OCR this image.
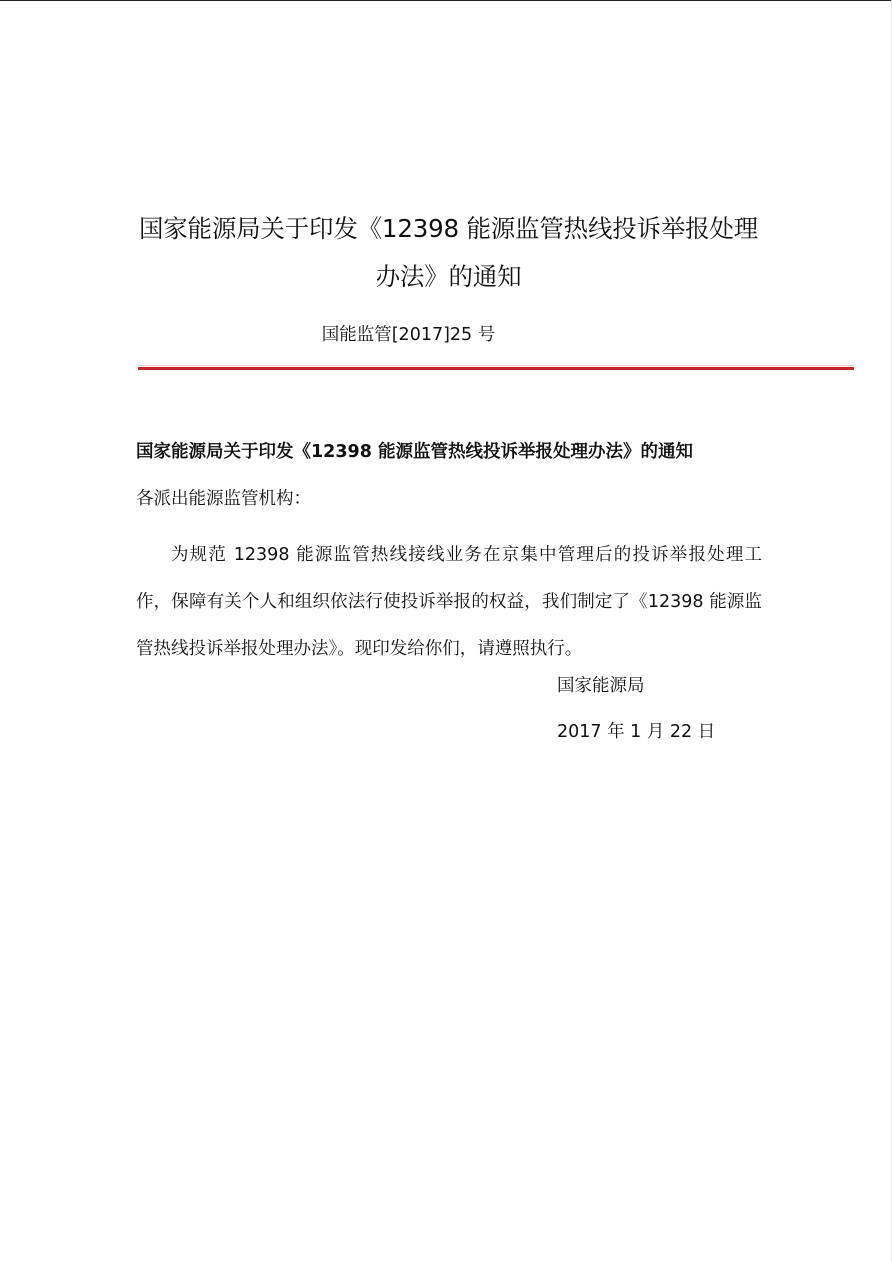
国家能源局关于印发《12398 能源监管热线投诉举报处理办法》的通知
国能监管[2017]25 号
国家能源局关于印发《12398 能源监管热线投诉举报处理办法》的通知
各派出能源监管机构：

为规范 12398 能源监管热线接线业务在京集中管理后的投诉举报处理工作，保障有关个人和组织依法行使投诉举报的权益，我们制定了《12398 能源监管热线投诉举报处理办法》。现印发给你们，请遵照执行。

国家能源局
2017 年 1 月 22 日
